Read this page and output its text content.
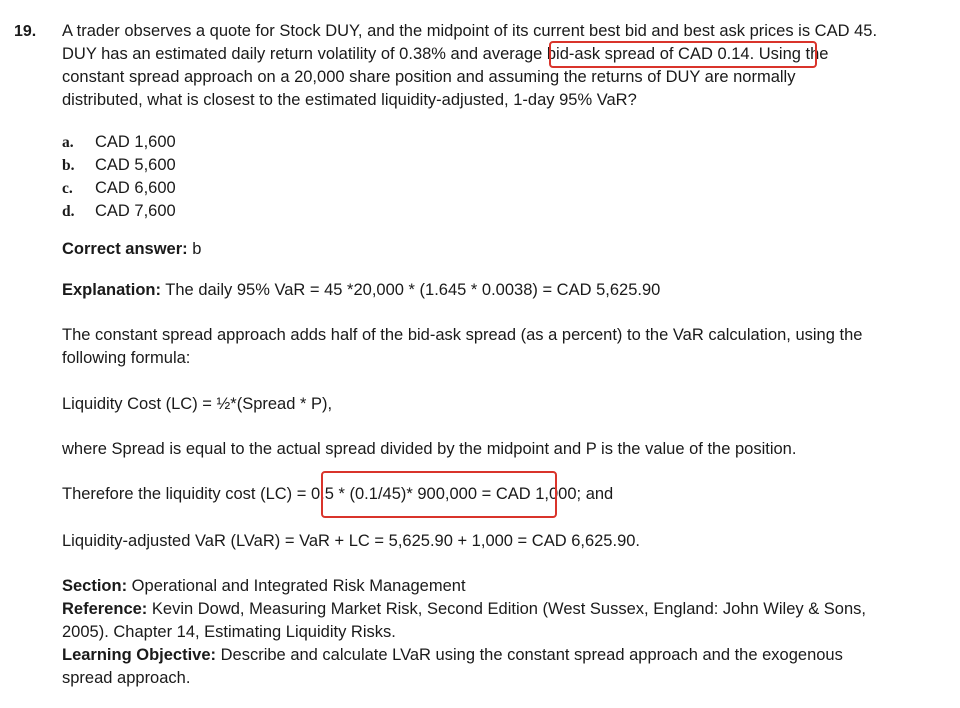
19. A trader observes a quote for Stock DUY, and the midpoint of its current best bid and best ask prices is CAD 45.
DUY has an estimated daily return volatility of 0.38% and average bid-ask spread of CAD 0.14. Using the
constant spread approach on a 20,000 share position and assuming the returns of DUY are normally
distributed, what is closest to the estimated liquidity-adjusted, 1-day 95% VaR?
a.	CAD 1,600
b.	CAD 5,600
c.	CAD 6,600
d.	CAD 7,600
Correct answer: b
Explanation: The daily 95% VaR = 45 *20,000 * (1.645 * 0.0038) = CAD 5,625.90
The constant spread approach adds half of the bid-ask spread (as a percent) to the VaR calculation, using the
following formula:
Liquidity Cost (LC) = ½*(Spread * P),
where Spread is equal to the actual spread divided by the midpoint and P is the value of the position.
Therefore the liquidity cost (LC) = 0.5 * (0.1/45)* 900,000 = CAD 1,000; and
Liquidity-adjusted VaR (LVaR) = VaR + LC = 5,625.90 + 1,000 = CAD 6,625.90.
Section: Operational and Integrated Risk Management
Reference: Kevin Dowd, Measuring Market Risk, Second Edition (West Sussex, England: John Wiley & Sons,
2005). Chapter 14, Estimating Liquidity Risks.
Learning Objective: Describe and calculate LVaR using the constant spread approach and the exogenous
spread approach.
